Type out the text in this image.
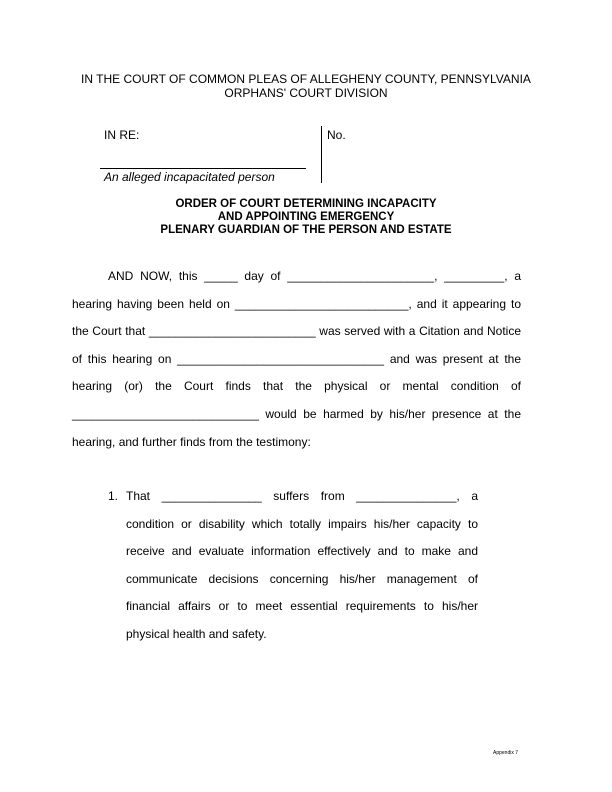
IN THE COURT OF COMMON PLEAS OF ALLEGHENY COUNTY, PENNSYLVANIA
ORPHANS' COURT DIVISION
IN RE:
An alleged incapacitated person
No.
ORDER OF COURT DETERMINING INCAPACITY
AND APPOINTING EMERGENCY
PLENARY GUARDIAN OF THE PERSON AND ESTATE
AND NOW, this _____ day of ______________________, _________, a
hearing having been held on __________________________, and it appearing to
the Court that _________________________ was served with a Citation and Notice
of this hearing on _______________________________ and was present at the
hearing (or) the Court finds that the physical or mental condition of
____________________________ would be harmed by his/her presence at the
hearing, and further finds from the testimony:
1. That _______________ suffers from _______________, a
condition or disability which totally impairs his/her capacity to
receive and evaluate information effectively and to make and
communicate decisions concerning his/her management of
financial affairs or to meet essential requirements to his/her
physical health and safety.
Appendix 7
